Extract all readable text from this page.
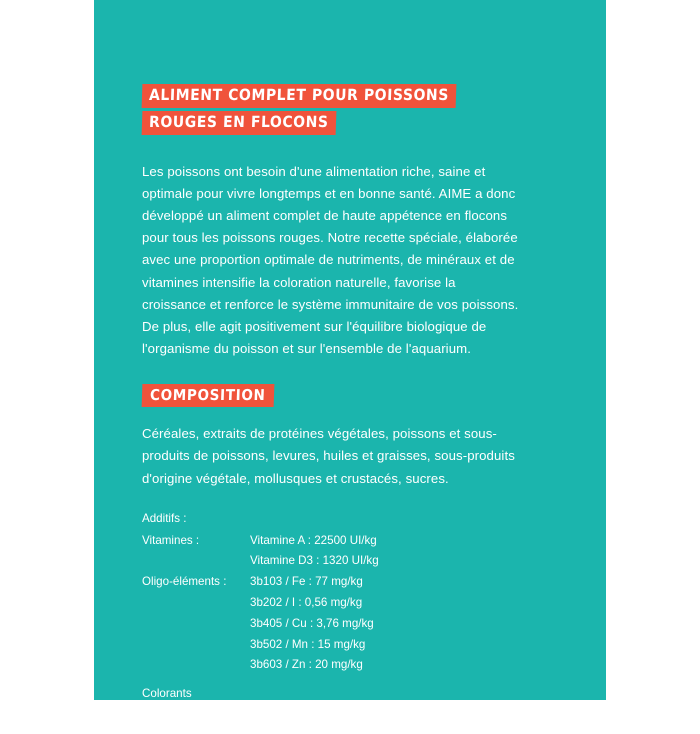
ALIMENT COMPLET POUR POISSONS
ROUGES EN FLOCONS

Les poissons ont besoin d'une alimentation riche, saine et optimale pour vivre longtemps et en bonne santé. AIME a donc développé un aliment complet de haute appétence en flocons pour tous les poissons rouges. Notre recette spéciale, élaborée avec une proportion optimale de nutriments, de minéraux et de vitamines intensifie la coloration naturelle, favorise la croissance et renforce le système immunitaire de vos poissons. De plus, elle agit positivement sur l'équilibre biologique de l'organisme du poisson et sur l'ensemble de l'aquarium.

COMPOSITION

Céréales, extraits de protéines végétales, poissons et sous-produits de poissons, levures, huiles et graisses, sous-produits d'origine végétale, mollusques et crustacés, sucres.

Additifs :
Vitamines :	Vitamine A : 22500 UI/kg
	Vitamine D3 : 1320 UI/kg
Oligo-éléments :	3b103 / Fe : 77 mg/kg
	3b202 / I : 0,56 mg/kg
	3b405 / Cu : 3,76 mg/kg
	3b502 / Mn : 15 mg/kg
	3b603 / Zn : 20 mg/kg
Colorants
* Sous réserve de respecter les consignes d'utilisation ci-après.
